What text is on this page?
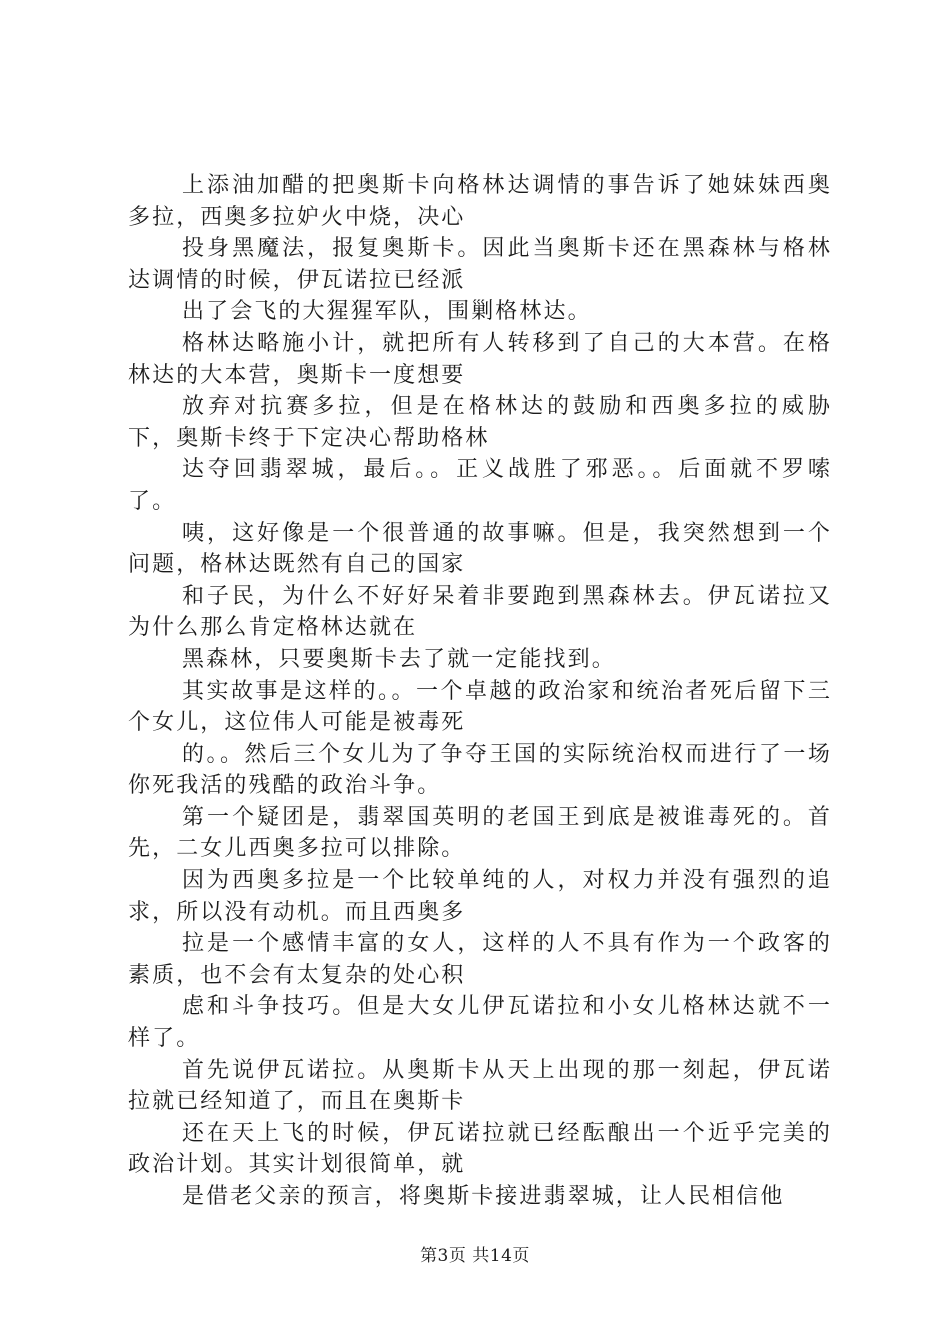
上添油加醋的把奥斯卡向格林达调情的事告诉了她妹妹西奥多拉，西奥多拉妒火中烧，决心

投身黑魔法，报复奥斯卡。因此当奥斯卡还在黑森林与格林达调情的时候，伊瓦诺拉已经派

出了会飞的大猩猩军队，围剿格林达。

格林达略施小计，就把所有人转移到了自己的大本营。在格林达的大本营，奥斯卡一度想要

放弃对抗赛多拉，但是在格林达的鼓励和西奥多拉的威胁下，奥斯卡终于下定决心帮助格林

达夺回翡翠城，最后。。正义战胜了邪恶。。后面就不罗嗦了。

咦，这好像是一个很普通的故事嘛。但是，我突然想到一个问题，格林达既然有自己的国家

和子民，为什么不好好呆着非要跑到黑森林去。伊瓦诺拉又为什么那么肯定格林达就在

黑森林，只要奥斯卡去了就一定能找到。

其实故事是这样的。。一个卓越的政治家和统治者死后留下三个女儿，这位伟人可能是被毒死

的。。然后三个女儿为了争夺王国的实际统治权而进行了一场你死我活的残酷的政治斗争。

第一个疑团是，翡翠国英明的老国王到底是被谁毒死的。首先，二女儿西奥多拉可以排除。

因为西奥多拉是一个比较单纯的人，对权力并没有强烈的追求，所以没有动机。而且西奥多

拉是一个感情丰富的女人，这样的人不具有作为一个政客的素质，也不会有太复杂的处心积

虑和斗争技巧。但是大女儿伊瓦诺拉和小女儿格林达就不一样了。

首先说伊瓦诺拉。从奥斯卡从天上出现的那一刻起，伊瓦诺拉就已经知道了，而且在奥斯卡

还在天上飞的时候，伊瓦诺拉就已经酝酿出一个近乎完美的政治计划。其实计划很简单，就

是借老父亲的预言，将奥斯卡接进翡翠城，让人民相信他

第3页 共14页
